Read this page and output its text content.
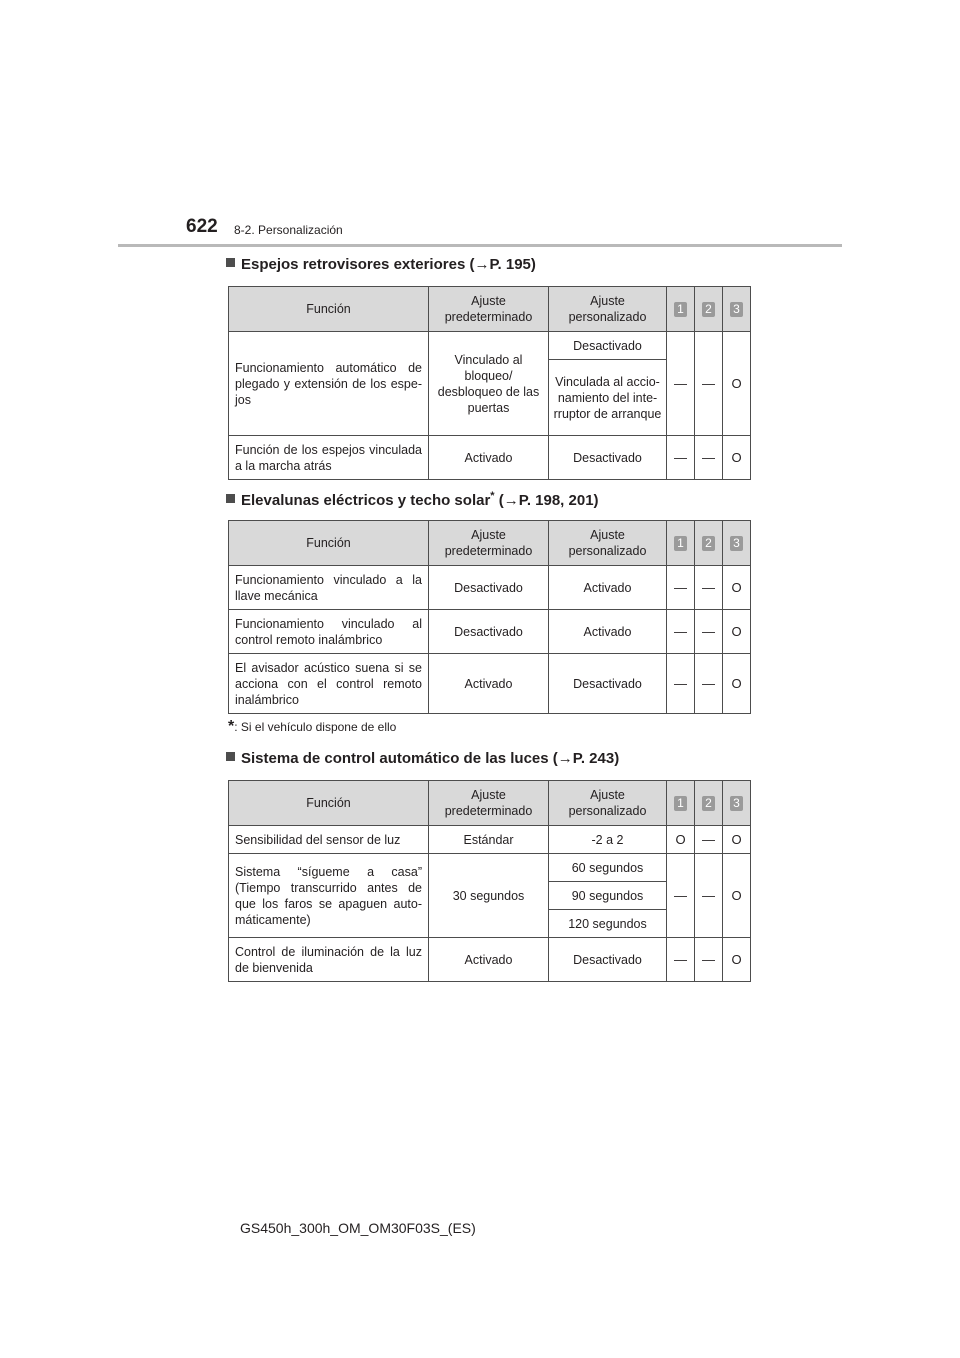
622 8-2. Personalización
Espejos retrovisores exteriores (→P. 195)
Función	Ajuste predeterminado	Ajuste personalizado	1	2	3
Funcionamiento automático de plegado y extensión de los espe-jos	Vinculado al bloqueo/ desbloqueo de las puertas	Desactivado	—	—	O
		Vinculada al accio-namiento del inte-rruptor de arranque			
Función de los espejos vinculada a la marcha atrás	Activado	Desactivado	—	—	O
Elevalunas eléctricos y techo solar* (→P. 198, 201)
Función	Ajuste predeterminado	Ajuste personalizado	1	2	3
Funcionamiento vinculado a la llave mecánica	Desactivado	Activado	—	—	O
Funcionamiento vinculado al control remoto inalámbrico	Desactivado	Activado	—	—	O
El avisador acústico suena si se acciona con el control remoto inalámbrico	Activado	Desactivado	—	—	O
*: Si el vehículo dispone de ello
Sistema de control automático de las luces (→P. 243)
Función	Ajuste predeterminado	Ajuste personalizado	1	2	3
Sensibilidad del sensor de luz	Estándar	-2 a 2	O	—	O
Sistema “sígueme a casa” (Tiempo transcurrido antes de que los faros se apaguen auto-máticamente)	30 segundos	60 segundos	—	—	O
		90 segundos			
		120 segundos			
Control de iluminación de la luz de bienvenida	Activado	Desactivado	—	—	O
GS450h_300h_OM_OM30F03S_(ES)
